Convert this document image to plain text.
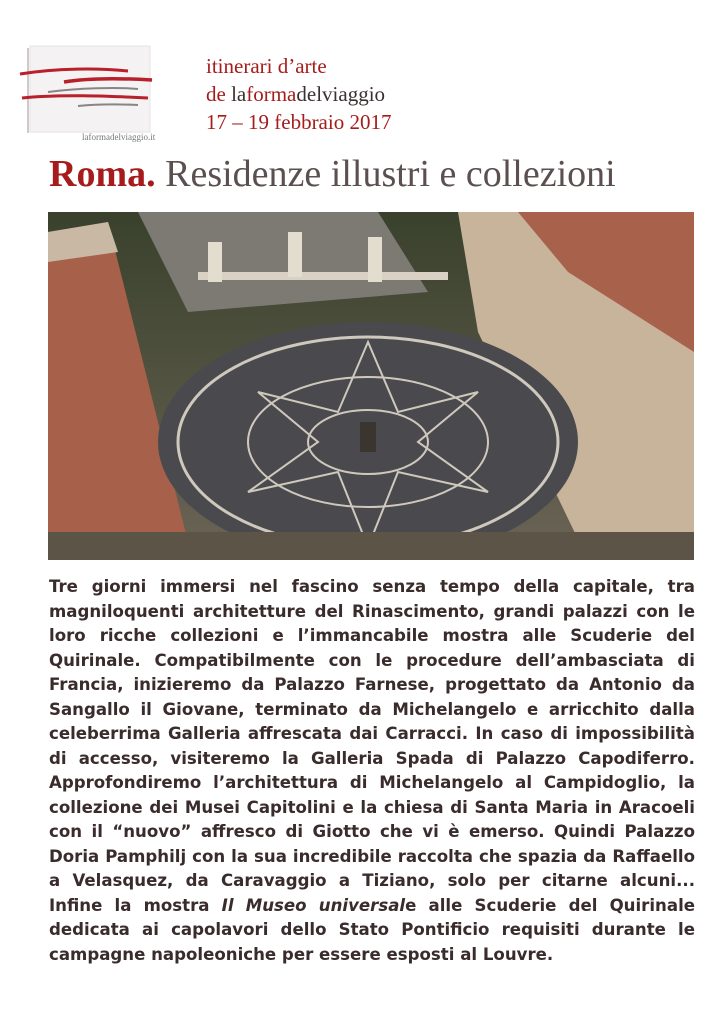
laformadelviaggio.it
itinerari d’arte
de laformadelviaggio
17 – 19 febbraio 2017
Roma. Residenze illustri e collezioni
Tre giorni immersi nel fascino senza tempo della capitale, tra magniloquenti architetture del Rinascimento, grandi palazzi con le loro ricche collezioni e l’immancabile mostra alle Scuderie del Quirinale. Compatibilmente con le procedure dell’ambasciata di Francia, inizieremo da Palazzo Farnese, progettato da Antonio da Sangallo il Giovane, terminato da Michelangelo e arricchito dalla celeberrima Galleria affrescata dai Carracci. In caso di impossibilità di accesso, visiteremo la Galleria Spada di Palazzo Capodiferro. Approfondiremo l’architettura di Michelangelo al Campidoglio, la collezione dei Musei Capitolini e la chiesa di Santa Maria in Aracoeli con il “nuovo” affresco di Giotto che vi è emerso. Quindi Palazzo Doria Pamphilj con la sua incredibile raccolta che spazia da Raffaello a Velasquez, da Caravaggio a Tiziano, solo per citarne alcuni... Infine la mostra Il Museo universale alle Scuderie del Quirinale dedicata ai capolavori dello Stato Pontificio requisiti durante le campagne napoleoniche per essere esposti al Louvre.
